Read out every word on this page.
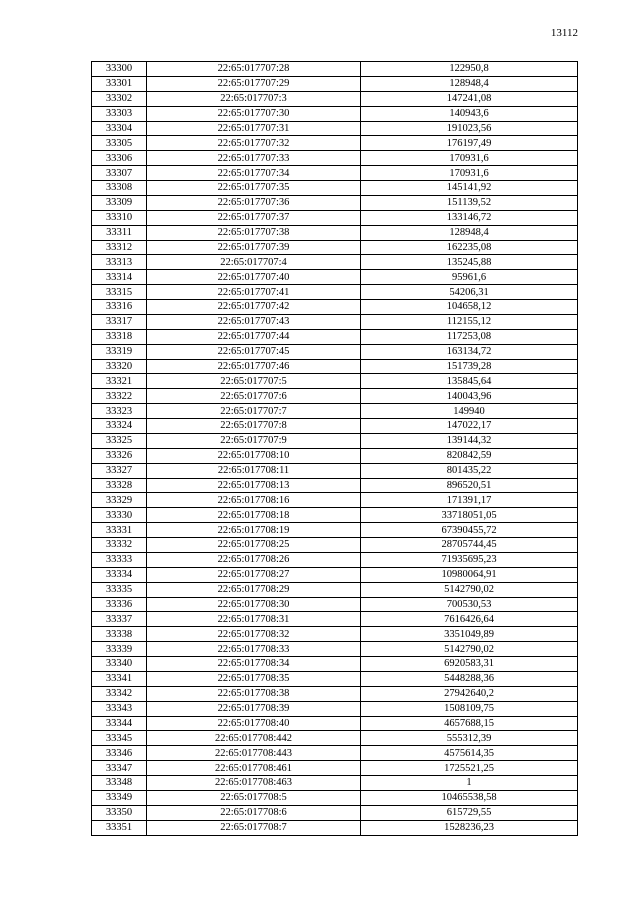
13112
33300	22:65:017707:28	122950,8
33301	22:65:017707:29	128948,4
33302	22:65:017707:3	147241,08
33303	22:65:017707:30	140943,6
33304	22:65:017707:31	191023,56
33305	22:65:017707:32	176197,49
33306	22:65:017707:33	170931,6
33307	22:65:017707:34	170931,6
33308	22:65:017707:35	145141,92
33309	22:65:017707:36	151139,52
33310	22:65:017707:37	133146,72
33311	22:65:017707:38	128948,4
33312	22:65:017707:39	162235,08
33313	22:65:017707:4	135245,88
33314	22:65:017707:40	95961,6
33315	22:65:017707:41	54206,31
33316	22:65:017707:42	104658,12
33317	22:65:017707:43	112155,12
33318	22:65:017707:44	117253,08
33319	22:65:017707:45	163134,72
33320	22:65:017707:46	151739,28
33321	22:65:017707:5	135845,64
33322	22:65:017707:6	140043,96
33323	22:65:017707:7	149940
33324	22:65:017707:8	147022,17
33325	22:65:017707:9	139144,32
33326	22:65:017708:10	820842,59
33327	22:65:017708:11	801435,22
33328	22:65:017708:13	896520,51
33329	22:65:017708:16	171391,17
33330	22:65:017708:18	33718051,05
33331	22:65:017708:19	67390455,72
33332	22:65:017708:25	28705744,45
33333	22:65:017708:26	71935695,23
33334	22:65:017708:27	10980064,91
33335	22:65:017708:29	5142790,02
33336	22:65:017708:30	700530,53
33337	22:65:017708:31	7616426,64
33338	22:65:017708:32	3351049,89
33339	22:65:017708:33	5142790,02
33340	22:65:017708:34	6920583,31
33341	22:65:017708:35	5448288,36
33342	22:65:017708:38	27942640,2
33343	22:65:017708:39	1508109,75
33344	22:65:017708:40	4657688,15
33345	22:65:017708:442	555312,39
33346	22:65:017708:443	4575614,35
33347	22:65:017708:461	1725521,25
33348	22:65:017708:463	1
33349	22:65:017708:5	10465538,58
33350	22:65:017708:6	615729,55
33351	22:65:017708:7	1528236,23
